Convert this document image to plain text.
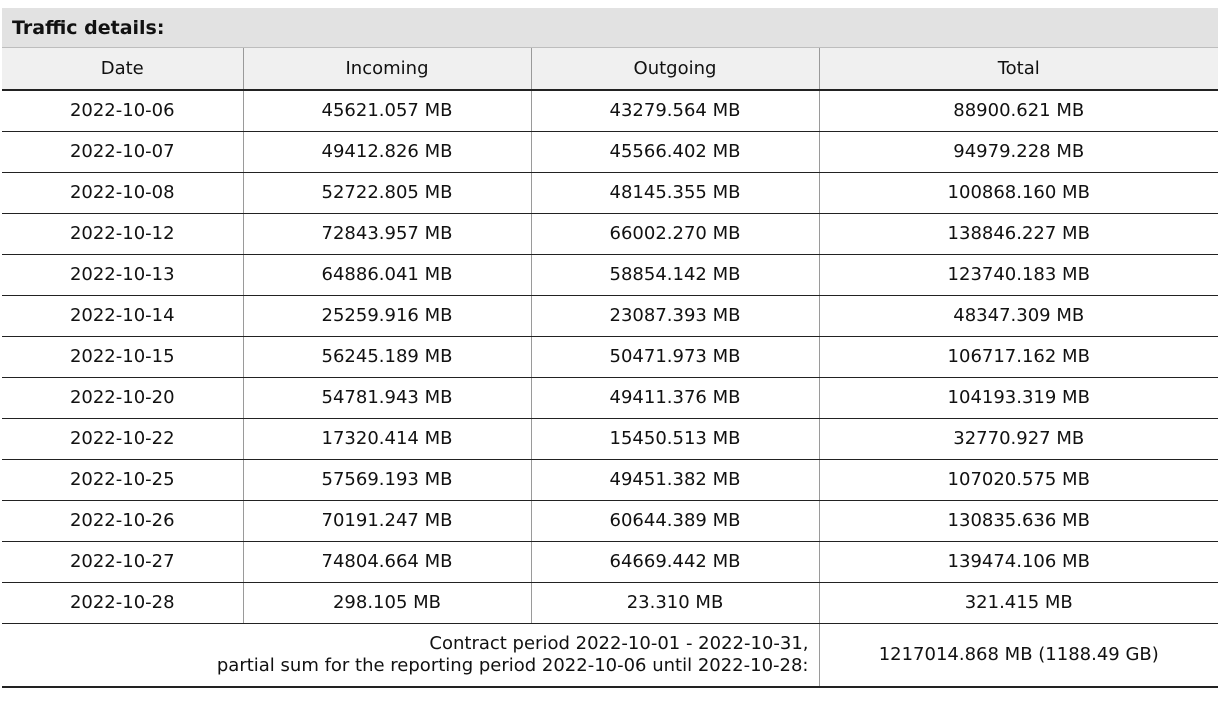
Traffic details:
Date	Incoming	Outgoing	Total
2022-10-06	45621.057 MB	43279.564 MB	88900.621 MB
2022-10-07	49412.826 MB	45566.402 MB	94979.228 MB
2022-10-08	52722.805 MB	48145.355 MB	100868.160 MB
2022-10-12	72843.957 MB	66002.270 MB	138846.227 MB
2022-10-13	64886.041 MB	58854.142 MB	123740.183 MB
2022-10-14	25259.916 MB	23087.393 MB	48347.309 MB
2022-10-15	56245.189 MB	50471.973 MB	106717.162 MB
2022-10-20	54781.943 MB	49411.376 MB	104193.319 MB
2022-10-22	17320.414 MB	15450.513 MB	32770.927 MB
2022-10-25	57569.193 MB	49451.382 MB	107020.575 MB
2022-10-26	70191.247 MB	60644.389 MB	130835.636 MB
2022-10-27	74804.664 MB	64669.442 MB	139474.106 MB
2022-10-28	298.105 MB	23.310 MB	321.415 MB

Contract period 2022-10-01 - 2022-10-31,
partial sum for the reporting period 2022-10-06 until 2022-10-28:			1217014.868 MB (1188.49 GB)
